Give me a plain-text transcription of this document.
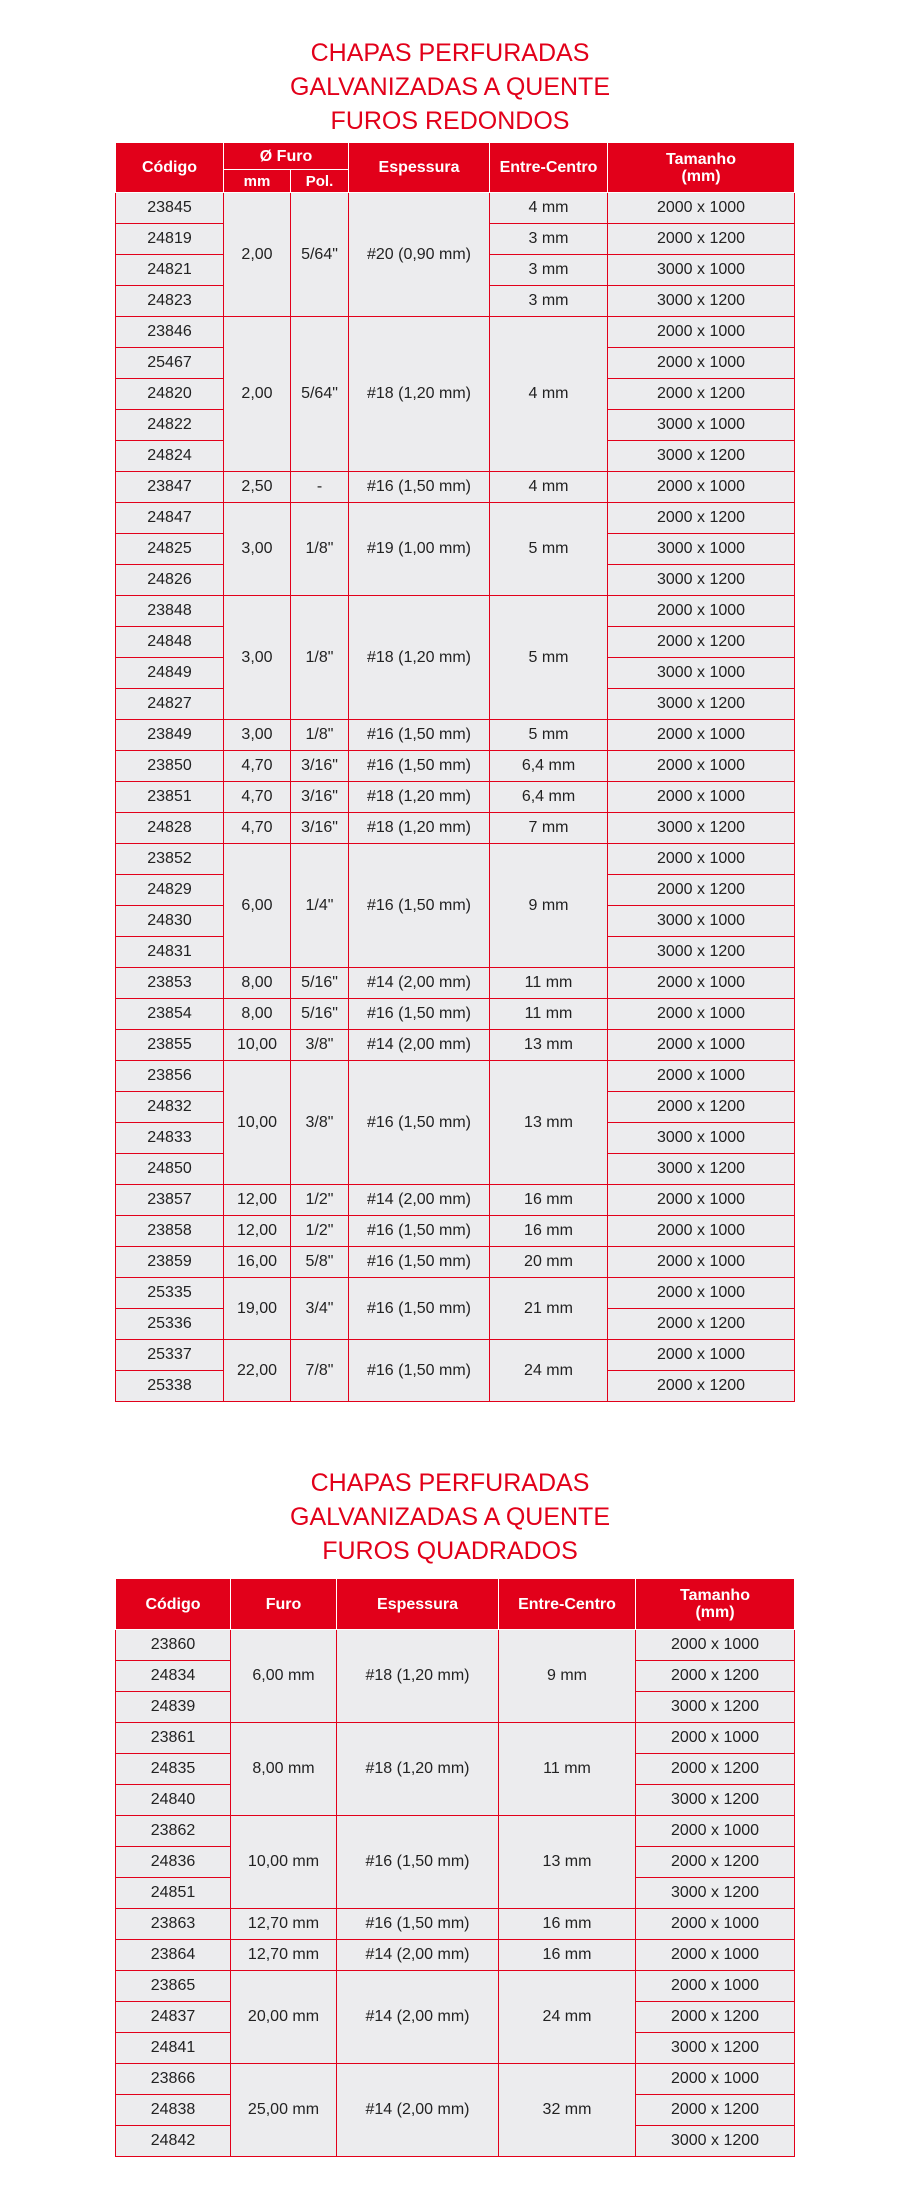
CHAPAS PERFURADAS
GALVANIZADAS A QUENTE
FUROS REDONDOS
Código	Ø Furo		Espessura	Entre-Centro	Tamanho
(mm)
	mm	Pol.			
23845	2,00	5/64"	#20 (0,90 mm)	4 mm	2000 x 1000
24819				3 mm	2000 x 1200
24821				3 mm	3000 x 1000
24823				3 mm	3000 x 1200
23846	2,00	5/64"	#18 (1,20 mm)	4 mm	2000 x 1000
25467					2000 x 1000
24820					2000 x 1200
24822					3000 x 1000
24824					3000 x 1200
23847	2,50	-	#16 (1,50 mm)	4 mm	2000 x 1000
24847	3,00	1/8"	#19 (1,00 mm)	5 mm	2000 x 1200
24825					3000 x 1000
24826					3000 x 1200
23848	3,00	1/8"	#18 (1,20 mm)	5 mm	2000 x 1000
24848					2000 x 1200
24849					3000 x 1000
24827					3000 x 1200
23849	3,00	1/8"	#16 (1,50 mm)	5 mm	2000 x 1000
23850	4,70	3/16"	#16 (1,50 mm)	6,4 mm	2000 x 1000
23851	4,70	3/16"	#18 (1,20 mm)	6,4 mm	2000 x 1000
24828	4,70	3/16"	#18 (1,20 mm)	7 mm	3000 x 1200
23852	6,00	1/4"	#16 (1,50 mm)	9 mm	2000 x 1000
24829					2000 x 1200
24830					3000 x 1000
24831					3000 x 1200
23853	8,00	5/16"	#14 (2,00 mm)	11 mm	2000 x 1000
23854	8,00	5/16"	#16 (1,50 mm)	11 mm	2000 x 1000
23855	10,00	3/8"	#14 (2,00 mm)	13 mm	2000 x 1000
23856	10,00	3/8"	#16 (1,50 mm)	13 mm	2000 x 1000
24832					2000 x 1200
24833					3000 x 1000
24850					3000 x 1200
23857	12,00	1/2"	#14 (2,00 mm)	16 mm	2000 x 1000
23858	12,00	1/2"	#16 (1,50 mm)	16 mm	2000 x 1000
23859	16,00	5/8"	#16 (1,50 mm)	20 mm	2000 x 1000
25335	19,00	3/4"	#16 (1,50 mm)	21 mm	2000 x 1000
25336					2000 x 1200
25337	22,00	7/8"	#16 (1,50 mm)	24 mm	2000 x 1000
25338					2000 x 1200
CHAPAS PERFURADAS
GALVANIZADAS A QUENTE
FUROS QUADRADOS
Código	Furo	Espessura	Entre-Centro	Tamanho
(mm)
23860	6,00 mm	#18 (1,20 mm)	9 mm	2000 x 1000
24834				2000 x 1200
24839				3000 x 1200
23861	8,00 mm	#18 (1,20 mm)	11 mm	2000 x 1000
24835				2000 x 1200
24840				3000 x 1200
23862	10,00 mm	#16 (1,50 mm)	13 mm	2000 x 1000
24836				2000 x 1200
24851				3000 x 1200
23863	12,70 mm	#16 (1,50 mm)	16 mm	2000 x 1000
23864	12,70 mm	#14 (2,00 mm)	16 mm	2000 x 1000
23865	20,00 mm	#14 (2,00 mm)	24 mm	2000 x 1000
24837				2000 x 1200
24841				3000 x 1200
23866	25,00 mm	#14 (2,00 mm)	32 mm	2000 x 1000
24838				2000 x 1200
24842				3000 x 1200
